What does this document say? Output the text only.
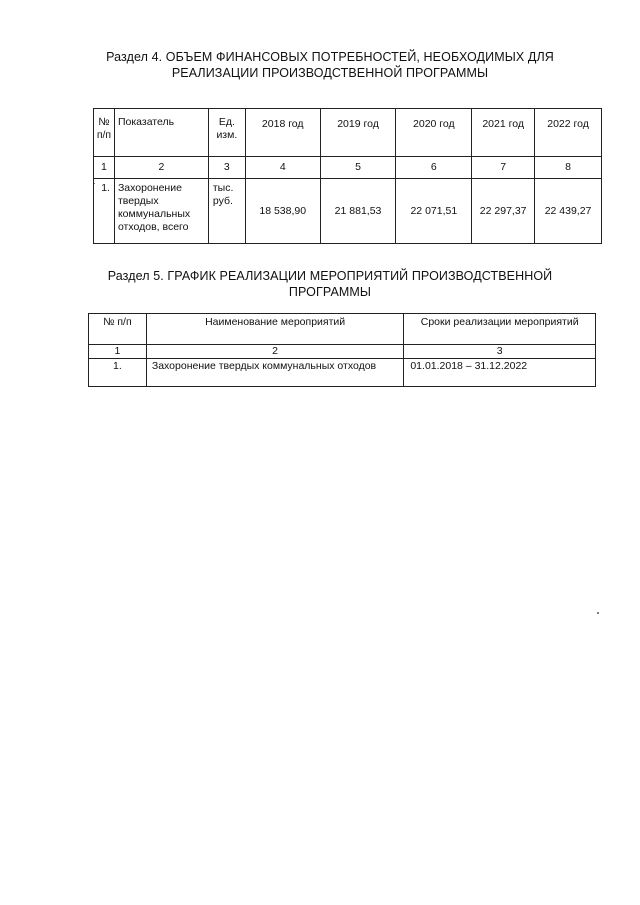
Раздел 4. ОБЪЕМ ФИНАНСОВЫХ ПОТРЕБНОСТЕЙ, НЕОБХОДИМЫХ ДЛЯ РЕАЛИЗАЦИИ ПРОИЗВОДСТВЕННОЙ ПРОГРАММЫ
№ п/п	Показатель	Ед. изм.	2018 год	2019 год	2020 год	2021 год	2022 год
1	2	3	4	5	6	7	8
1.	Захоронение твердых коммунальных отходов, всего	тыс. руб.	18 538,90	21 881,53	22 071,51	22 297,37	22 439,27
Раздел 5. ГРАФИК РЕАЛИЗАЦИИ МЕРОПРИЯТИЙ ПРОИЗВОДСТВЕННОЙ ПРОГРАММЫ
№ п/п	Наименование мероприятий	Сроки реализации мероприятий
1	2	3
1.	Захоронение твердых коммунальных отходов	01.01.2018 – 31.12.2022
